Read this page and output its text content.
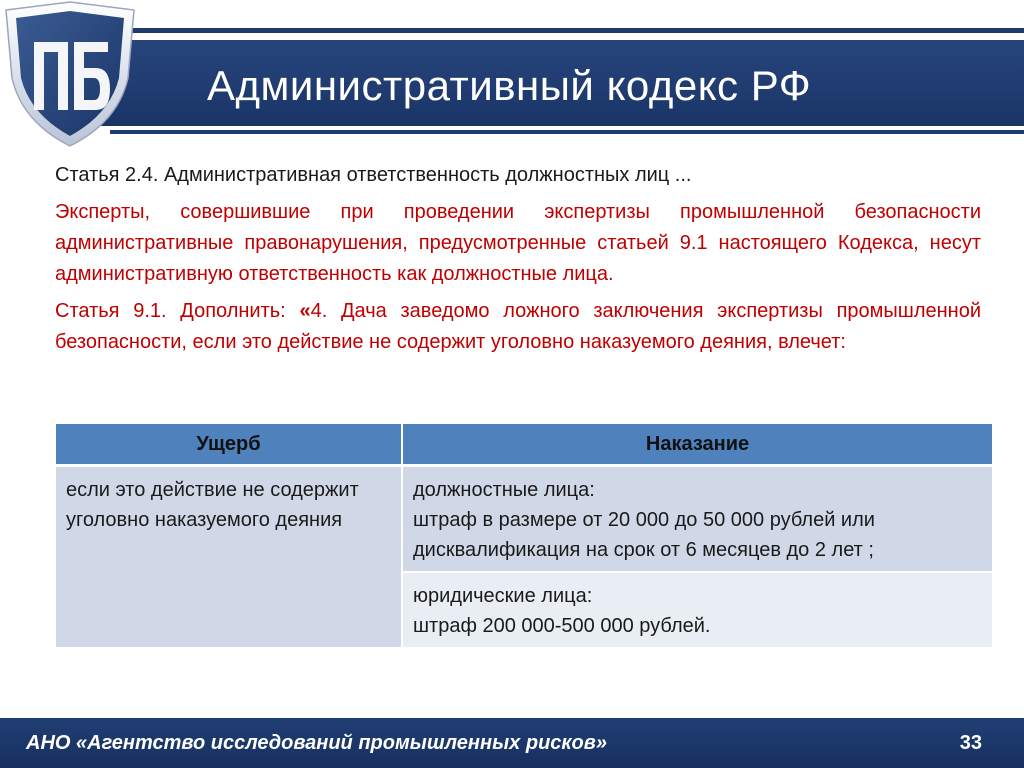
Административный кодекс РФ

Статья 2.4. Административная ответственность должностных лиц ...

Эксперты, совершившие при проведении экспертизы промышленной безопасности административные правонарушения, предусмотренные статьей 9.1 настоящего Кодекса, несут административную ответственность как должностные лица.

Статья 9.1. Дополнить: «4. Дача заведомо ложного заключения экспертизы промышленной безопасности, если это действие не содержит уголовно наказуемого деяния, влечет:

Ущерб	Наказание
если это действие не содержит уголовно наказуемого деяния	должностные лица:
штраф в размере от 20 000 до 50 000 рублей или
дисквалификация на срок от 6 месяцев до 2 лет ;

	юридические лица:
штраф 200 000-500 000 рублей.
АНО «Агентство исследований промышленных рисков»	33
